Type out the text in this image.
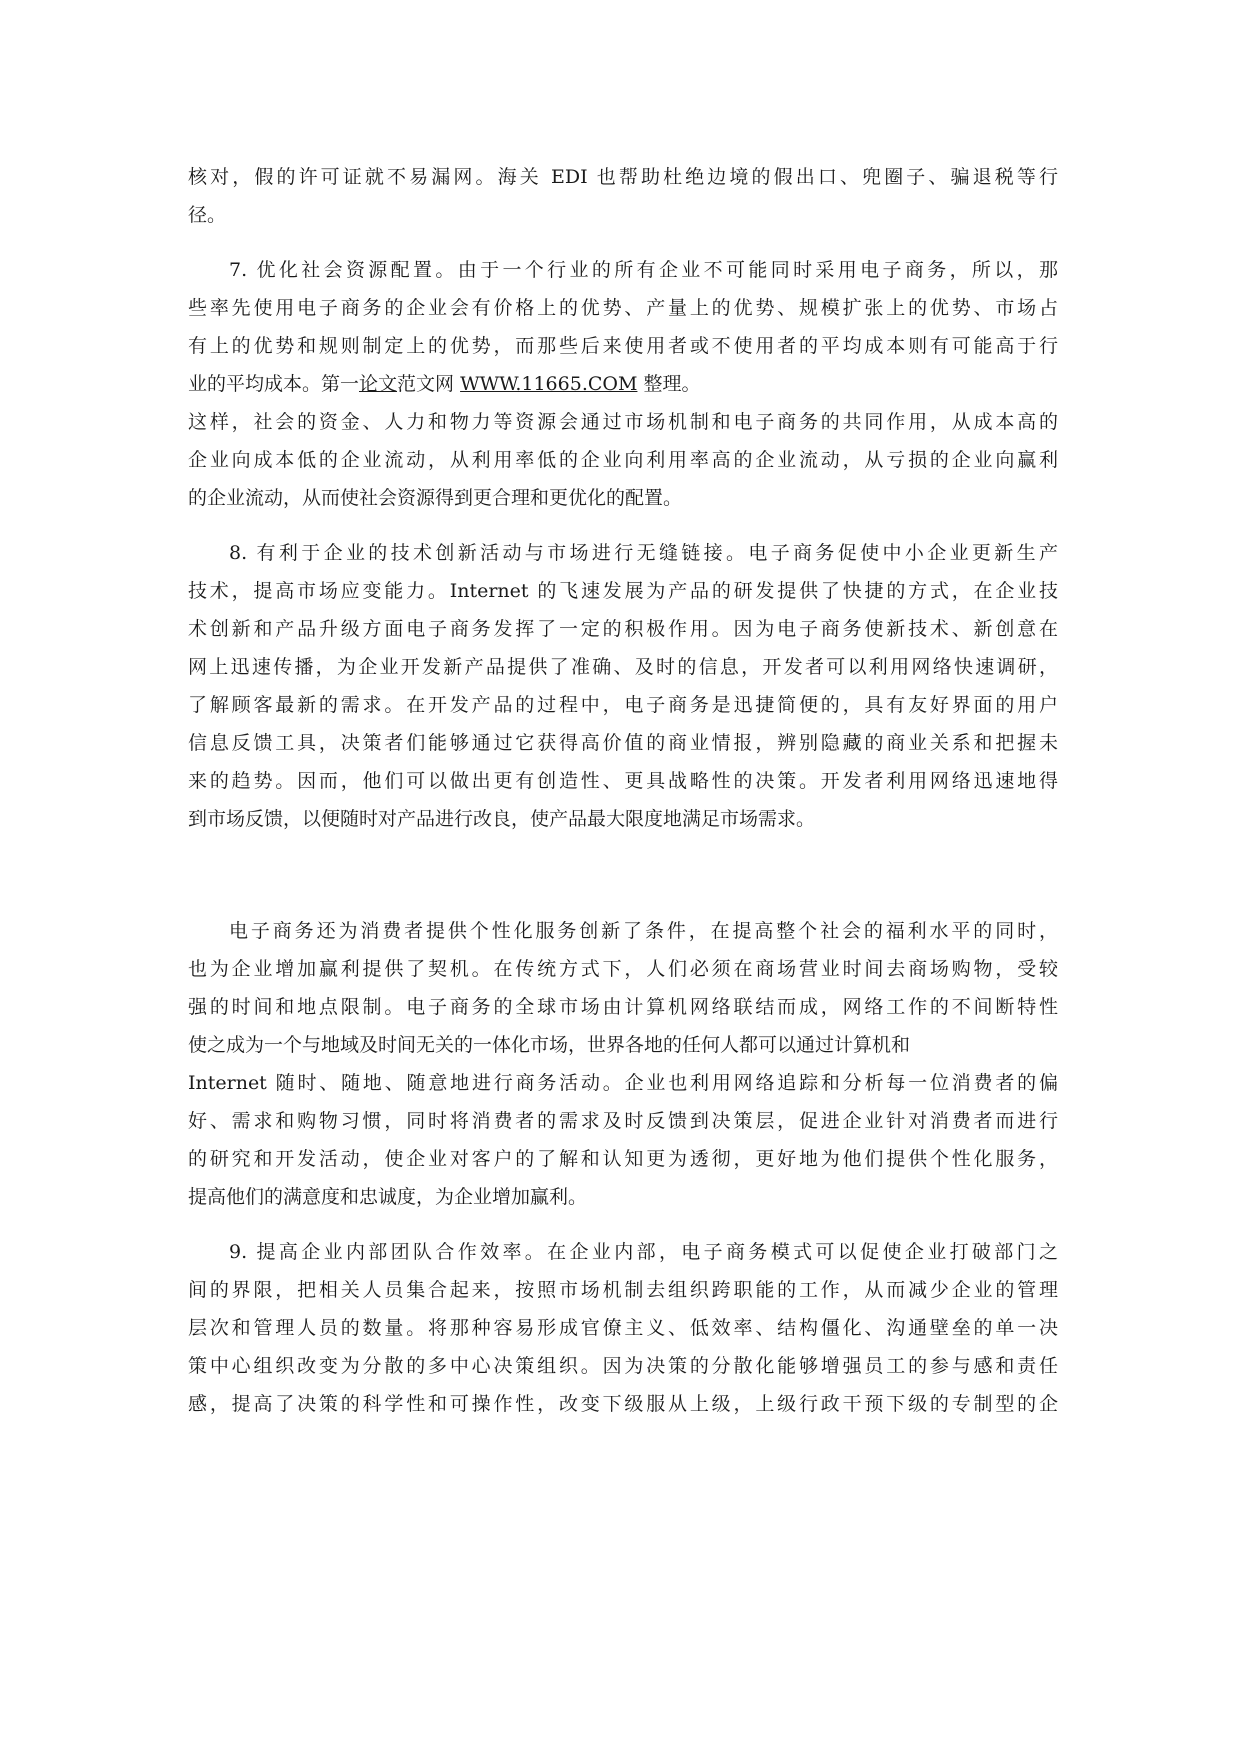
核对，假的许可证就不易漏网。海关 EDI 也帮助杜绝边境的假出口、兜圈子、骗退税等行
径。
7. 优化社会资源配置。由于一个行业的所有企业不可能同时采用电子商务，所以，那
些率先使用电子商务的企业会有价格上的优势、产量上的优势、规模扩张上的优势、市场占
有上的优势和规则制定上的优势，而那些后来使用者或不使用者的平均成本则有可能高于行
业的平均成本。第一论文范文网 WWW.11665.COM 整理。
这样，社会的资金、人力和物力等资源会通过市场机制和电子商务的共同作用，从成本高的
企业向成本低的企业流动，从利用率低的企业向利用率高的企业流动，从亏损的企业向赢利
的企业流动，从而使社会资源得到更合理和更优化的配置。
8. 有利于企业的技术创新活动与市场进行无缝链接。电子商务促使中小企业更新生产
技术，提高市场应变能力。Internet 的飞速发展为产品的研发提供了快捷的方式，在企业技
术创新和产品升级方面电子商务发挥了一定的积极作用。因为电子商务使新技术、新创意在
网上迅速传播，为企业开发新产品提供了准确、及时的信息，开发者可以利用网络快速调研，
了解顾客最新的需求。在开发产品的过程中，电子商务是迅捷简便的，具有友好界面的用户
信息反馈工具，决策者们能够通过它获得高价值的商业情报，辨别隐藏的商业关系和把握未
来的趋势。因而，他们可以做出更有创造性、更具战略性的决策。开发者利用网络迅速地得
到市场反馈，以便随时对产品进行改良，使产品最大限度地满足市场需求。
电子商务还为消费者提供个性化服务创新了条件，在提高整个社会的福利水平的同时，
也为企业增加赢利提供了契机。在传统方式下，人们必须在商场营业时间去商场购物，受较
强的时间和地点限制。电子商务的全球市场由计算机网络联结而成，网络工作的不间断特性
使之成为一个与地域及时间无关的一体化市场，世界各地的任何人都可以通过计算机和
Internet 随时、随地、随意地进行商务活动。企业也利用网络追踪和分析每一位消费者的偏
好、需求和购物习惯，同时将消费者的需求及时反馈到决策层，促进企业针对消费者而进行
的研究和开发活动，使企业对客户的了解和认知更为透彻，更好地为他们提供个性化服务，
提高他们的满意度和忠诚度，为企业增加赢利。
9. 提高企业内部团队合作效率。在企业内部，电子商务模式可以促使企业打破部门之
间的界限，把相关人员集合起来，按照市场机制去组织跨职能的工作，从而减少企业的管理
层次和管理人员的数量。将那种容易形成官僚主义、低效率、结构僵化、沟通壁垒的单一决
策中心组织改变为分散的多中心决策组织。因为决策的分散化能够增强员工的参与感和责任
感，提高了决策的科学性和可操作性，改变下级服从上级，上级行政干预下级的专制型的企
